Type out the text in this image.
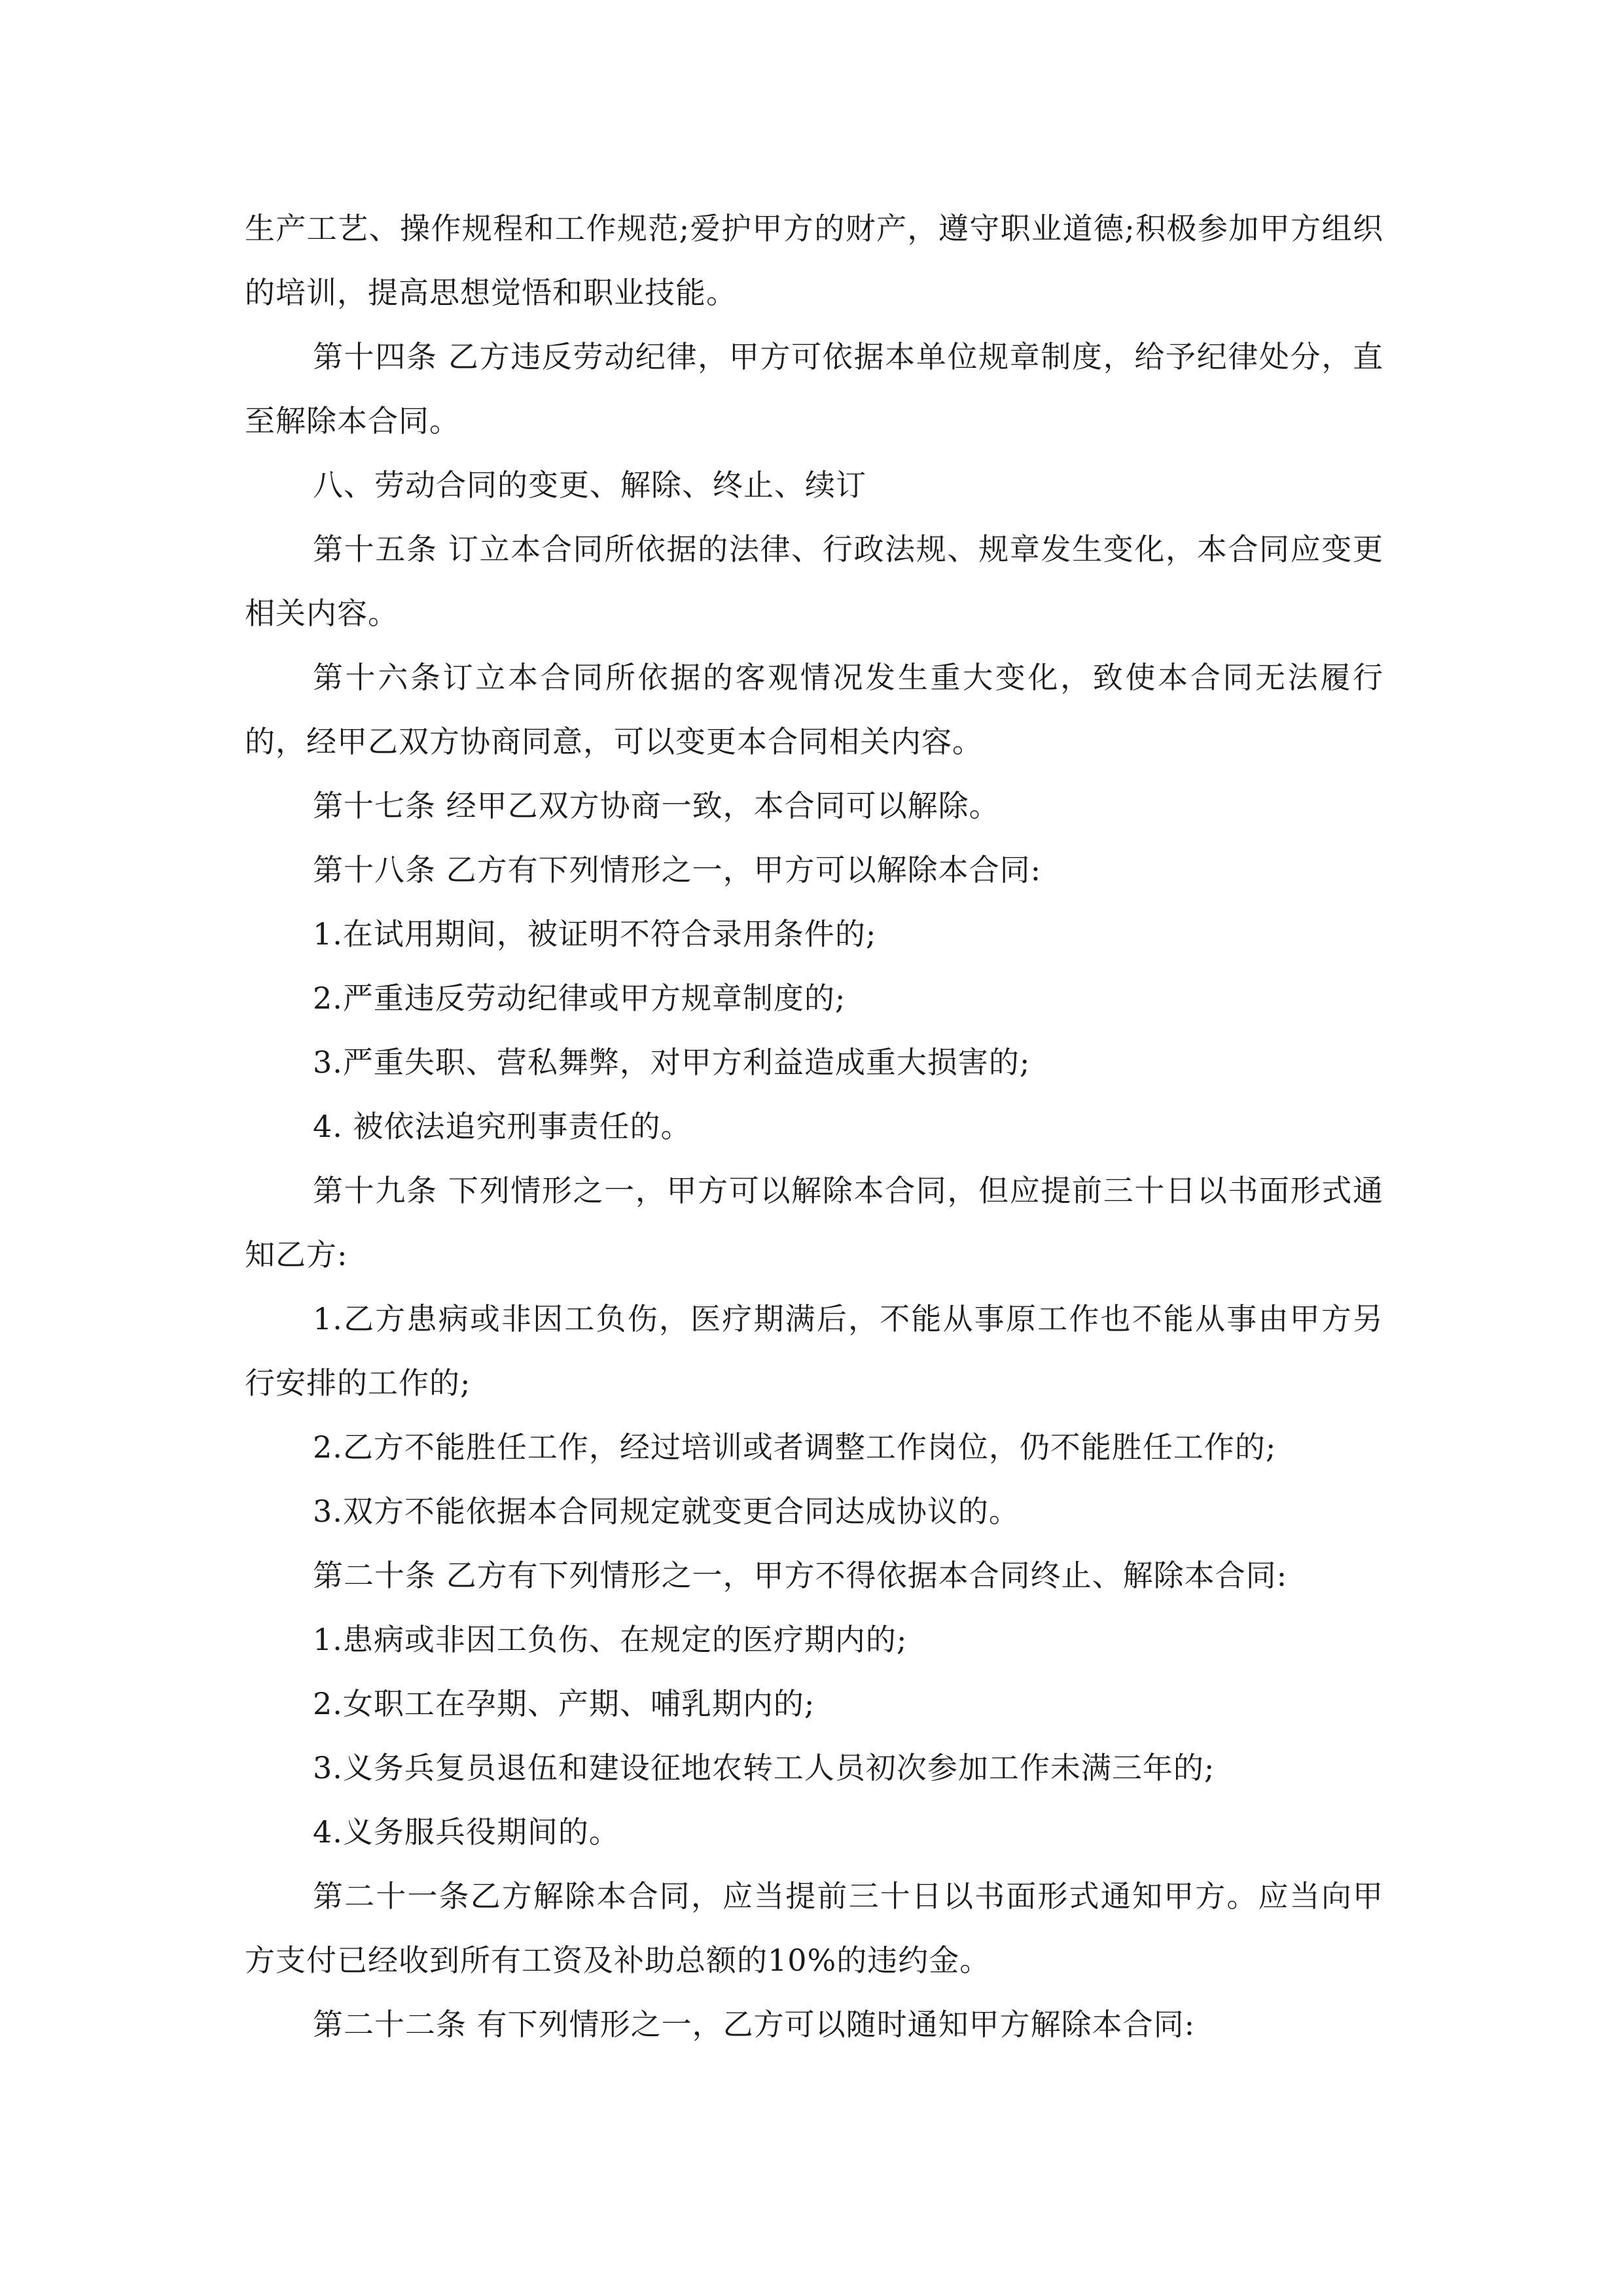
生产工艺、操作规程和工作规范;爱护甲方的财产，遵守职业道德;积极参加甲方组织的培训，提高思想觉悟和职业技能。

第十四条 乙方违反劳动纪律，甲方可依据本单位规章制度，给予纪律处分，直至解除本合同。

八、劳动合同的变更、解除、终止、续订

第十五条 订立本合同所依据的法律、行政法规、规章发生变化，本合同应变更相关内容。

第十六条订立本合同所依据的客观情况发生重大变化，致使本合同无法履行的，经甲乙双方协商同意，可以变更本合同相关内容。

第十七条 经甲乙双方协商一致，本合同可以解除。

第十八条 乙方有下列情形之一，甲方可以解除本合同:

1.在试用期间，被证明不符合录用条件的;

2.严重违反劳动纪律或甲方规章制度的;

3.严重失职、营私舞弊，对甲方利益造成重大损害的;

4. 被依法追究刑事责任的。

第十九条 下列情形之一，甲方可以解除本合同，但应提前三十日以书面形式通知乙方:

1.乙方患病或非因工负伤，医疗期满后，不能从事原工作也不能从事由甲方另行安排的工作的;

2.乙方不能胜任工作，经过培训或者调整工作岗位，仍不能胜任工作的;

3.双方不能依据本合同规定就变更合同达成协议的。

第二十条 乙方有下列情形之一，甲方不得依据本合同终止、解除本合同:

1.患病或非因工负伤、在规定的医疗期内的;

2.女职工在孕期、产期、哺乳期内的;

3.义务兵复员退伍和建设征地农转工人员初次参加工作未满三年的;

4.义务服兵役期间的。

第二十一条乙方解除本合同，应当提前三十日以书面形式通知甲方。应当向甲方支付已经收到所有工资及补助总额的10%的违约金。

第二十二条 有下列情形之一，乙方可以随时通知甲方解除本合同:
